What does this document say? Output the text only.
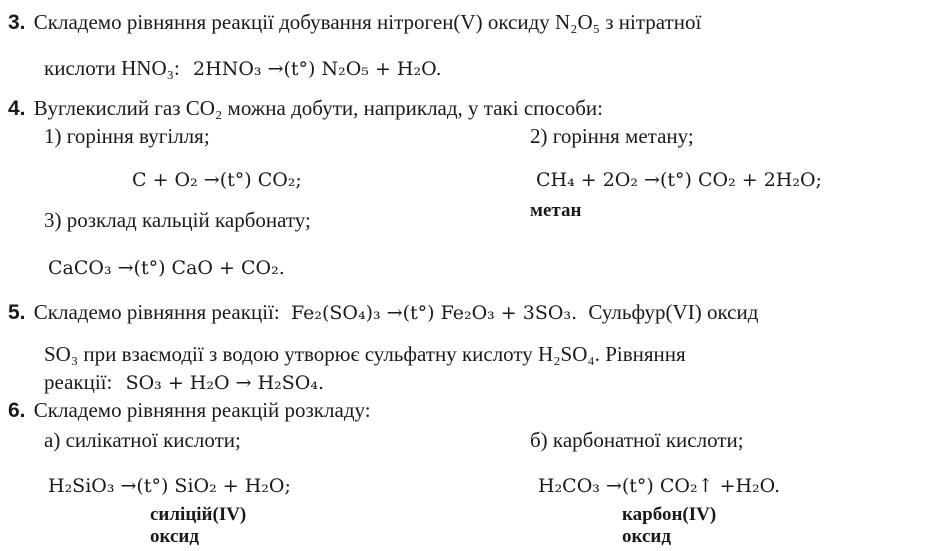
3. Складемо рівняння реакції добування нітроген(V) оксиду N₂O₅ з нітратної
кислоти HNO₃: 2HNO₃ →(t°) N₂O₅ + H₂O.
4. Вуглекислий газ CO₂ можна добути, наприклад, у такі способи:
1) горіння вугілля;	2) горіння метану;
C + O₂ →(t°) CO₂;	CH₄ + 2O₂ →(t°) CO₂ + 2H₂O;
метан
3) розклад кальцій карбонату;
CaCO₃ →(t°) CaO + CO₂.
5. Складемо рівняння реакції: Fe₂(SO₄)₃ →(t°) Fe₂O₃ + 3SO₃. Сульфур(VI) оксид
SO₃ при взаємодії з водою утворює сульфатну кислоту H₂SO₄. Рівняння
реакції: SO₃ + H₂O → H₂SO₄.
6. Складемо рівняння реакцій розкладу:
а) силікатної кислоти;	б) карбонатної кислоти;
H₂SiO₃ →(t°) SiO₂ + H₂O;	H₂CO₃ →(t°) CO₂↑ +H₂O.
силіцій(IV)
оксид
карбон(IV)
оксид
